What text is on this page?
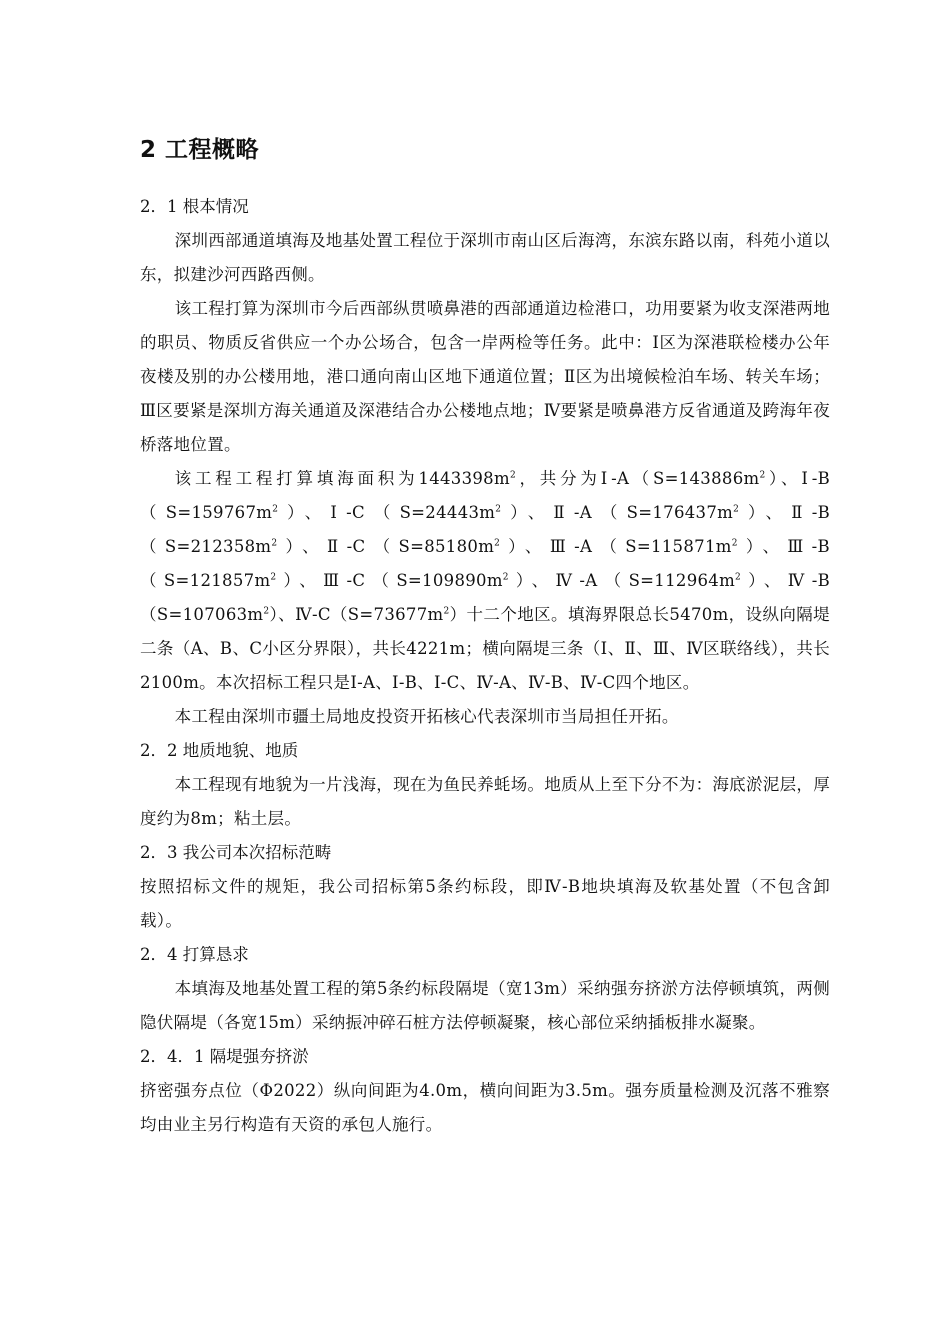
2 工程概略

2．1 根本情况

深圳西部通道填海及地基处置工程位于深圳市南山区后海湾，东滨东路以南，科苑小道以东，拟建沙河西路西侧。

该工程打算为深圳市今后西部纵贯喷鼻港的西部通道边检港口，功用要紧为收支深港两地的职员、物质反省供应一个办公场合，包含一岸两检等任务。此中：Ⅰ区为深港联检楼办公年夜楼及别的办公楼用地，港口通向南山区地下通道位置；Ⅱ区为出境候检泊车场、转关车场；Ⅲ区要紧是深圳方海关通道及深港结合办公楼地点地；Ⅳ要紧是喷鼻港方反省通道及跨海年夜桥落地位置。

该工程工程打算填海面积为$1443398m^2$，共分为$Ⅰ-A(S=143886m^2)$、$Ⅰ-B(S=159767m^2)$、$Ⅰ-C(S=24443m^2)$、$Ⅱ-A(S=176437m^2)$、$Ⅱ-B(S=212358m^2)$、$Ⅱ-C(S=85180m^2)$、$Ⅲ-A(S=115871m^2)$、$Ⅲ-B(S=121857m^2)$、$Ⅲ-C(S=109890m^2)$、$Ⅳ-A(S=112964m^2)$、$Ⅳ-B(S=107063m^2)$、$Ⅳ-C(S=73677m^2)$十二个地区。填海界限总长5470m，设纵向隔堤二条（A、B、C小区分界限），共长4221m；横向隔堤三条（Ⅰ、Ⅱ、Ⅲ、Ⅳ区联络线），共长2100m。本次招标工程只是Ⅰ-A、Ⅰ-B、Ⅰ-C、Ⅳ-A、Ⅳ-B、Ⅳ-C四个地区。

本工程由深圳市疆土局地皮投资开拓核心代表深圳市当局担任开拓。

2．2 地质地貌、地质

本工程现有地貌为一片浅海，现在为鱼民养蚝场。地质从上至下分不为：海底淤泥层，厚度约为8m；粘土层。

2．3 我公司本次招标范畴

按照招标文件的规矩，我公司招标第5条约标段，即Ⅳ-B地块填海及软基处置（不包含卸载）。

2．4 打算恳求

本填海及地基处置工程的第5条约标段隔堤（宽13m）采纳强夯挤淤方法停顿填筑，两侧隐伏隔堤（各宽15m）采纳振冲碎石桩方法停顿凝聚，核心部位采纳插板排水凝聚。

2．4．1 隔堤强夯挤淤

挤密强夯点位（Φ2022）纵向间距为4.0m，横向间距为3.5m。强夯质量检测及沉落不雅察均由业主另行构造有天资的承包人施行。
